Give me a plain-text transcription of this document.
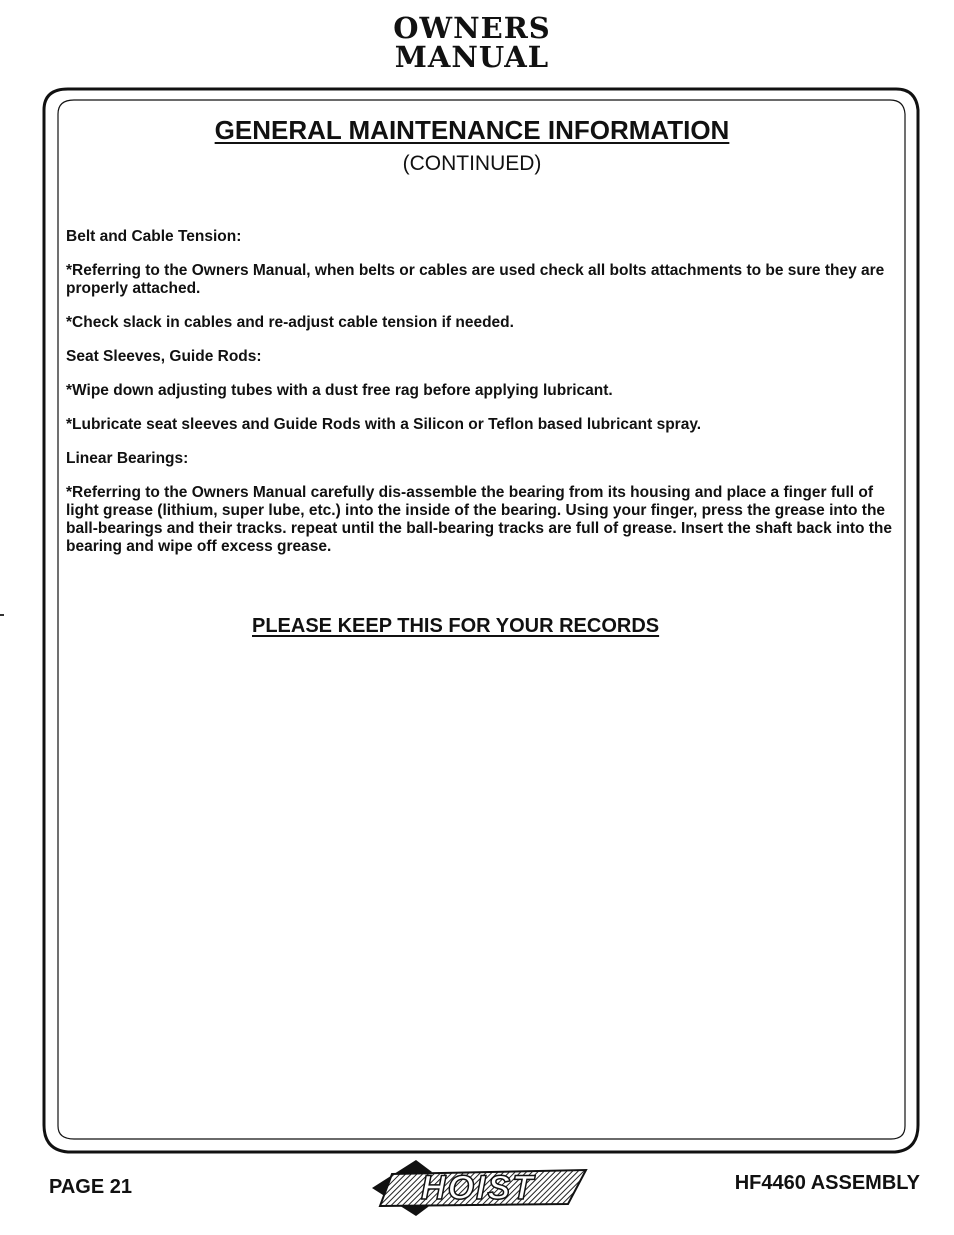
OWNERS
MANUAL
GENERAL MAINTENANCE INFORMATION
(CONTINUED)

Belt and Cable Tension:

*Referring to the Owners Manual, when belts or cables are used check all bolts attachments to be sure they are properly attached.

*Check slack in cables and re-adjust cable tension if needed.

Seat Sleeves, Guide Rods:

*Wipe down adjusting tubes with a dust free rag before applying lubricant.

*Lubricate seat sleeves and Guide Rods with a Silicon or Teflon based lubricant spray.

Linear Bearings:

*Referring to the Owners Manual carefully dis-assemble the bearing from its housing and place a finger full of light grease (lithium, super lube, etc.) into the inside of the bearing. Using your finger, press the grease into the ball-bearings and their tracks. repeat until the ball-bearing tracks are full of grease. Insert the shaft back into the bearing and wipe off excess grease.

PLEASE KEEP THIS FOR YOUR RECORDS
PAGE 21	HOIST	HF4460 ASSEMBLY
